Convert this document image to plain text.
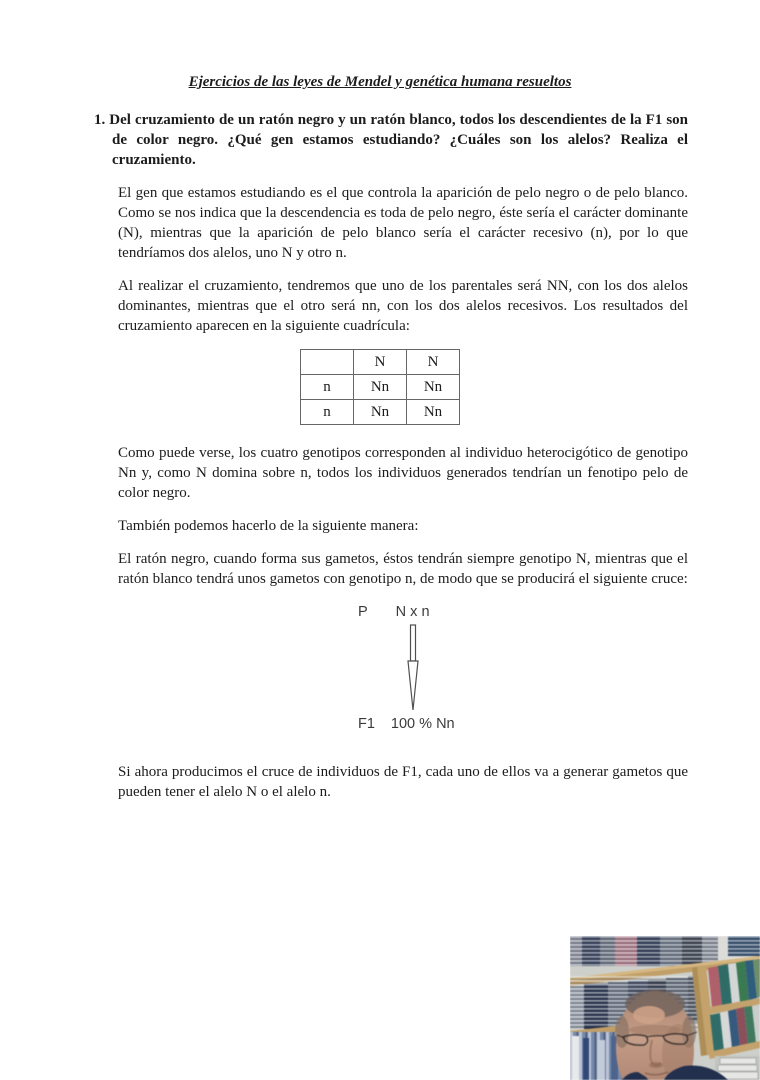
Ejercicios de las leyes de Mendel y genética humana resueltos

1. Del cruzamiento de un ratón negro y un ratón blanco, todos los descendientes de la F1 son de color negro. ¿Qué gen estamos estudiando? ¿Cuáles son los alelos? Realiza el cruzamiento.

El gen que estamos estudiando es el que controla la aparición de pelo negro o de pelo blanco. Como se nos indica que la descendencia es toda de pelo negro, éste sería el carácter dominante (N), mientras que la aparición de pelo blanco sería el carácter recesivo (n), por lo que tendríamos dos alelos, uno N y otro n.

Al realizar el cruzamiento, tendremos que uno de los parentales será NN, con los dos alelos dominantes, mientras que el otro será nn, con los dos alelos recesivos. Los resultados del cruzamiento aparecen en la siguiente cuadrícula:

	N	N
n	Nn	Nn
n	Nn	Nn

Como puede verse, los cuatro genotipos corresponden al individuo heterocigótico de genotipo Nn y, como N domina sobre n, todos los individuos generados tendrían un fenotipo pelo de color negro.

También podemos hacerlo de la siguiente manera:

El ratón negro, cuando forma sus gametos, éstos tendrán siempre genotipo N, mientras que el ratón blanco tendrá unos gametos con genotipo n, de modo que se producirá el siguiente cruce:

P N x n
F1 100 % Nn

Si ahora producimos el cruce de individuos de F1, cada uno de ellos va a generar gametos que pueden tener el alelo N o el alelo n.
